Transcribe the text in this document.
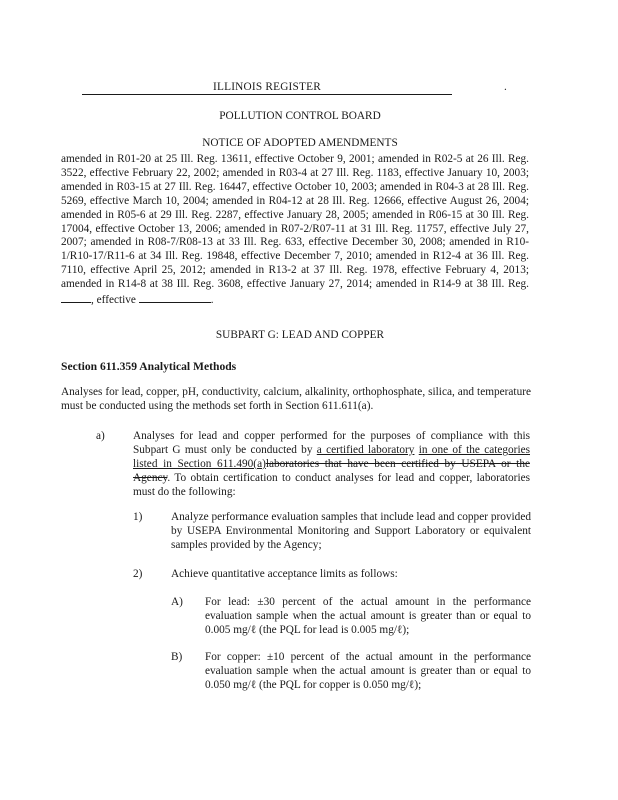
ILLINOIS REGISTER	.
POLLUTION CONTROL BOARD
NOTICE OF ADOPTED AMENDMENTS
amended in R01-20 at 25 Ill. Reg. 13611, effective October 9, 2001; amended in R02-5 at 26 Ill. Reg. 3522, effective February 22, 2002; amended in R03-4 at 27 Ill. Reg. 1183, effective January 10, 2003; amended in R03-15 at 27 Ill. Reg. 16447, effective October 10, 2003; amended in R04-3 at 28 Ill. Reg. 5269, effective March 10, 2004; amended in R04-12 at 28 Ill. Reg. 12666, effective August 26, 2004; amended in R05-6 at 29 Ill. Reg. 2287, effective January 28, 2005; amended in R06-15 at 30 Ill. Reg. 17004, effective October 13, 2006; amended in R07-2/R07-11 at 31 Ill. Reg. 11757, effective July 27, 2007; amended in R08-7/R08-13 at 33 Ill. Reg. 633, effective December 30, 2008; amended in R10-1/R10-17/R11-6 at 34 Ill. Reg. 19848, effective December 7, 2010; amended in R12-4 at 36 Ill. Reg. 7110, effective April 25, 2012; amended in R13-2 at 37 Ill. Reg. 1978, effective February 4, 2013; amended in R14-8 at 38 Ill. Reg. 3608, effective January 27, 2014; amended in R14-9 at 38 Ill. Reg. , effective	.
SUBPART G: LEAD AND COPPER
Section 611.359 Analytical Methods
Analyses for lead, copper, pH, conductivity, calcium, alkalinity, orthophosphate, silica, and temperature must be conducted using the methods set forth in Section 611.611(a).
a) Analyses for lead and copper performed for the purposes of compliance with this Subpart G must only be conducted by a certified laboratory in one of the categories listed in Section 611.490(a)laboratories that have been certified by USEPA or the Agency. To obtain certification to conduct analyses for lead and copper, laboratories must do the following:
1)	Analyze performance evaluation samples that include lead and copper provided by USEPA Environmental Monitoring and Support Laboratory or equivalent samples provided by the Agency;
2)	Achieve quantitative acceptance limits as follows:
A) For lead: ±30 percent of the actual amount in the performance evaluation sample when the actual amount is greater than or equal to 0.005 mg/ℓ (the PQL for lead is 0.005 mg/ℓ);
B) For copper: ±10 percent of the actual amount in the performance evaluation sample when the actual amount is greater than or equal to 0.050 mg/ℓ (the PQL for copper is 0.050 mg/ℓ);
